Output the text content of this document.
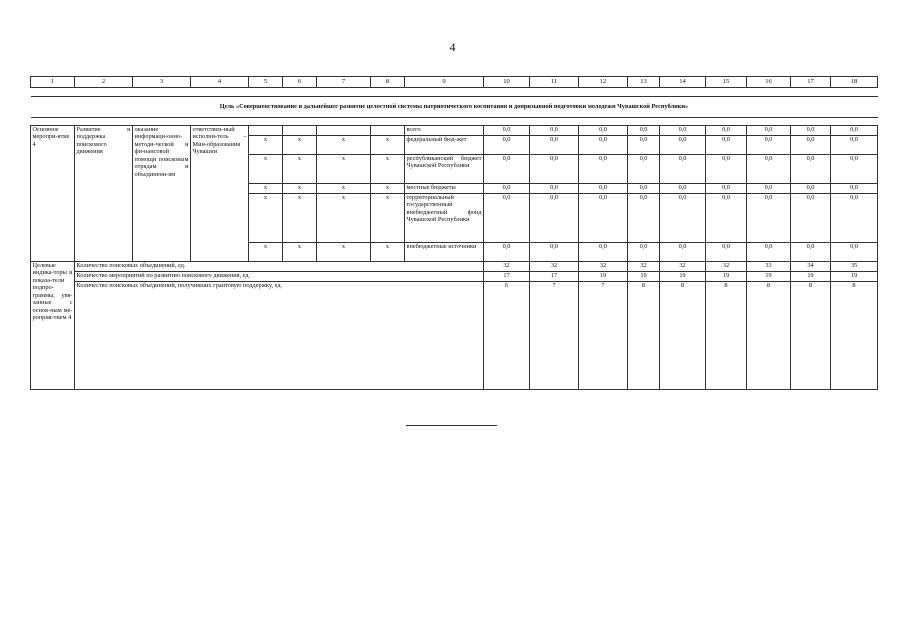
4
1	2	3	4	5	6	7	8	9	10	11	12	13	14	15	16	17	18

Цель «Совершенствование и дальнейшее развитие целостной системы патриотического воспитания и допризывной подготовки молодежи Чувашской Республики»																	

Основное меропри-ятие 4	Развитие и поддержка поискового движения	оказание информаци-онно-методи-ческой и фи-нансовой помощи поисковым отрядам и объединени-ям	ответствен-ный исполни-тель – Мин-образования Чувашии					всего	0,0	0,0	0,0	0,0	0,0	0,0	0,0	0,0	0,0
				x	x	x	x	федеральный бюд-жет	0,0	0,0	0,0	0,0	0,0	0,0	0,0	0,0	0,0
				x	x	x	x	республиканский бюджет Чувашской Республики	0,0	0,0	0,0	0,0	0,0	0,0	0,0	0,0	0,0
				x	x	x	x	местные бюджеты	0,0	0,0	0,0	0,0	0,0	0,0	0,0	0,0	0,0
				x	x	x	x	территориальный государственный внебюджетный фонд Чувашской Республики	0,0	0,0	0,0	0,0	0,0	0,0	0,0	0,0	0,0
				x	x	x	x	внебюджетные источники	0,0	0,0	0,0	0,0	0,0	0,0	0,0	0,0	0,0
Целевые индика-торы и показа-тели подпро-граммы, увя-занные с основ-ным ме-роприя-тием 4	Количество поисковых объединений, ед.								32	32	32	32	32	32	33	34	35
	Количество мероприятий по развитию поискового движения, ед.								17	17	19	19	19	19	19	19	19
	Количество поисковых объединений, получивших грантовую поддержку, ед.								6	7	7	8	8	8	8	8	8
